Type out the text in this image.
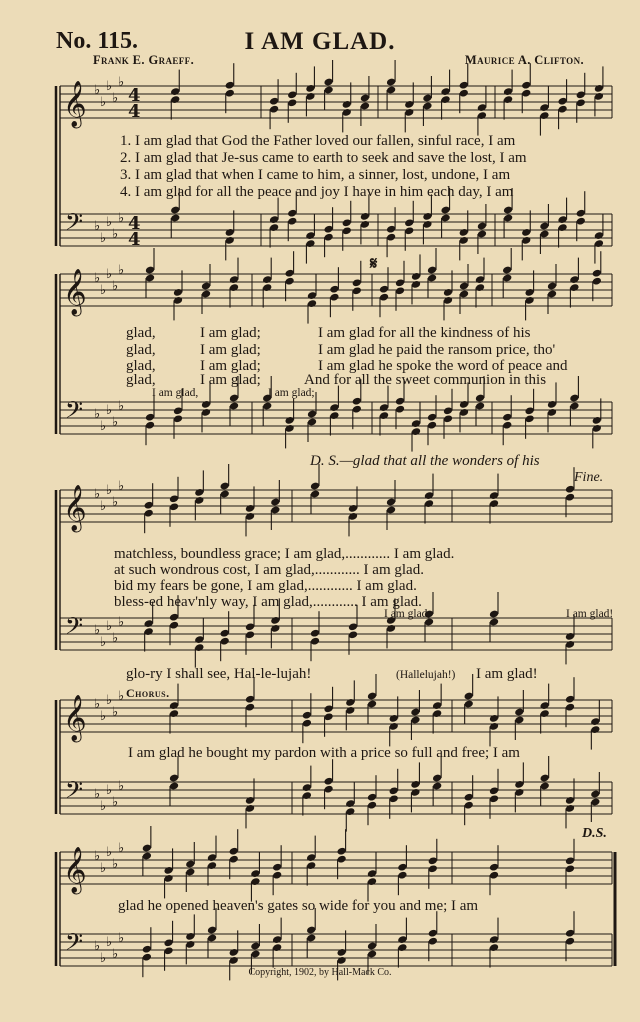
No. 115.	I AM GLAD.
Frank E. Graeff.	Maurice A. Clifton.
𝄞
𝄢
♭
♭
♭
♭
♭
♭
♭
♭
♭
♭
4
4
4
4
𝄞
𝄢
♭
♭
♭
♭
♭
♭
♭
♭
♭
♭
𝄞
𝄢
♭
♭
♭
♭
♭
♭
♭
♭
♭
♭
𝄞
𝄢
♭
♭
♭
♭
♭
♭
♭
♭
♭
♭
𝄞
𝄢
♭
♭
♭
♭
♭
♭
♭
♭
♭
♭
1. I am glad that God the Father loved our fallen, sinful race, I am
2. I am glad that Je-sus came to earth to seek and save the lost, I am
3. I am glad that when I came to him, a sinner, lost, undone, I am
4. I am glad for all the peace and joy I have in him each day, I am
𝄋
glad,	I am glad;	I am glad for all the kindness of his
glad,	I am glad;	I am glad he paid the ransom price, tho'
glad,	I am glad;	I am glad he spoke the word of peace and
glad,	I am glad;	And for all the sweet communion in this
I am glad,	I am glad;
D. S.—glad that all the wonders of his
Fine.
matchless, boundless grace; I am glad,............ I am glad.
at such wondrous cost, I am glad,............ I am glad.
bid my fears be gone, I am glad,............ I am glad.
bless-ed heav'nly way, I am glad,............ I am glad.
I am glad,	I am glad!
glo-ry I shall see, Hal-le-lujah!	(Hallelujah!) I am glad!
Chorus.
I am glad he bought my pardon with a price so full and free; I am
D.S.
glad he opened heaven's gates so wide for you and me; I am
Copyright, 1902, by Hall-Mack Co.
